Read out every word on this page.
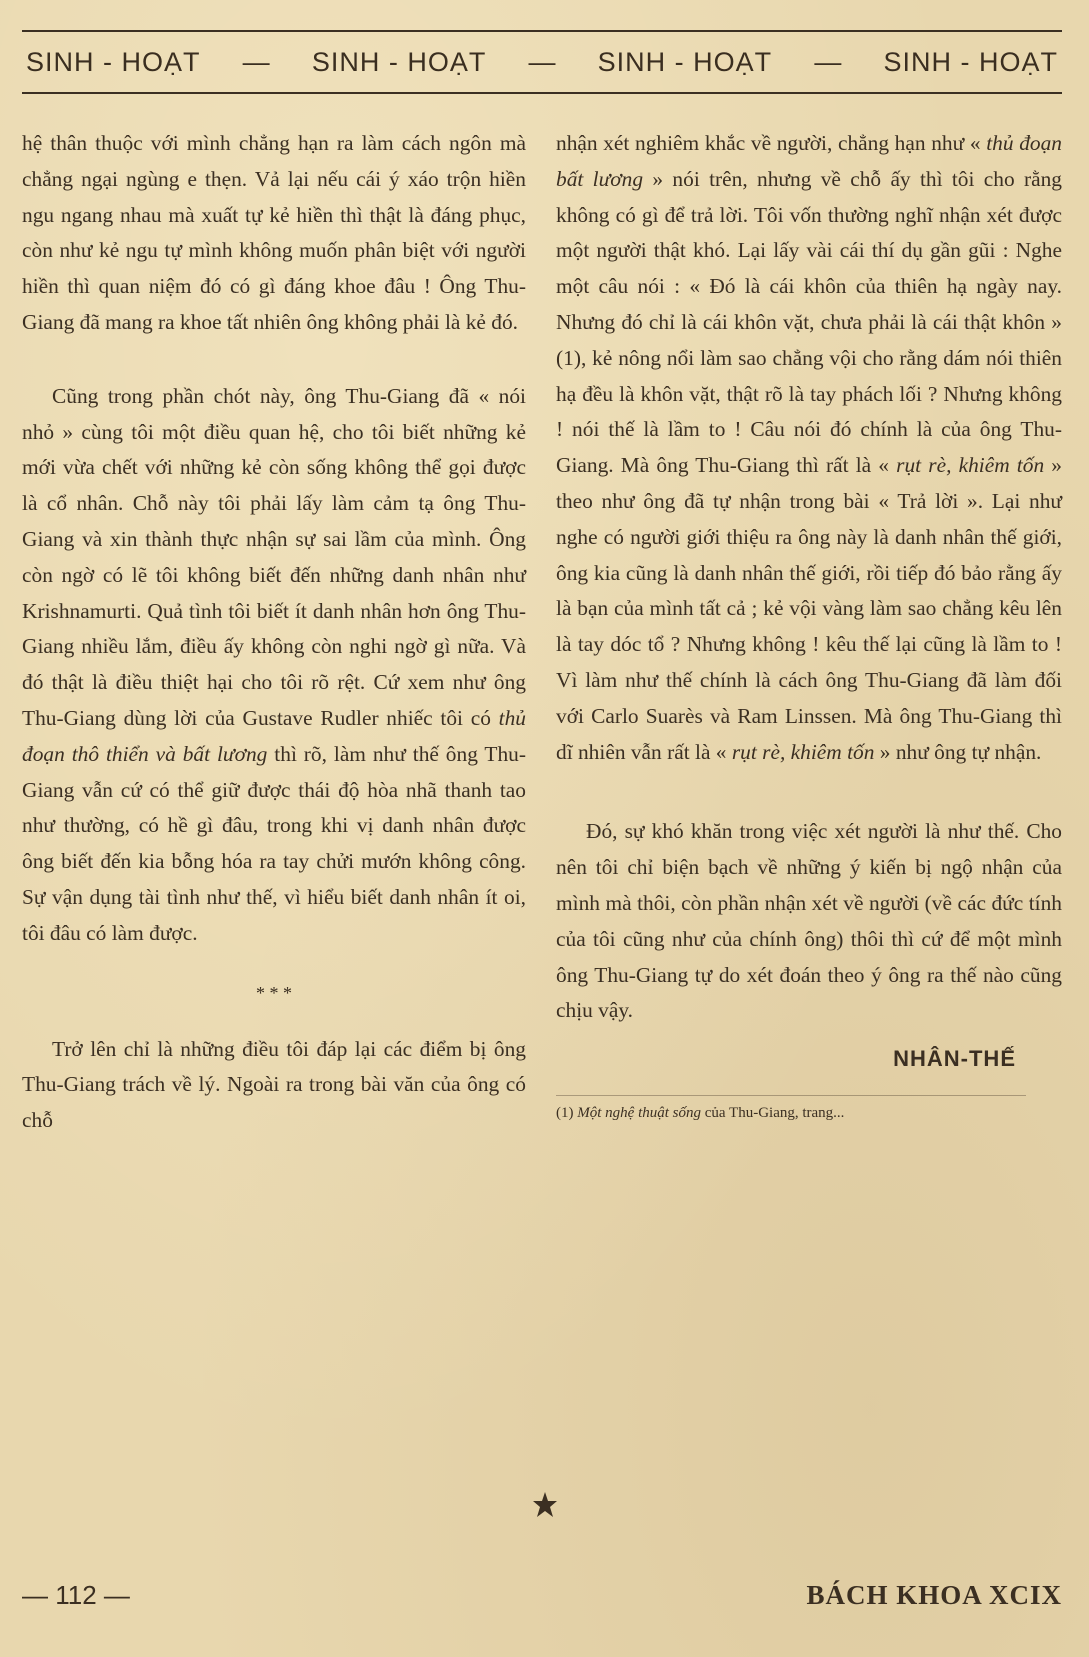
SINH - HOẠT — SINH - HOẠT — SINH - HOẠT — SINH - HOẠT

hệ thân thuộc với mình chẳng hạn ra làm cách ngôn mà chẳng ngại ngùng e thẹn. Vả lại nếu cái ý xáo trộn hiền ngu ngang nhau mà xuất tự kẻ hiền thì thật là đáng phục, còn như kẻ ngu tự mình không muốn phân biệt với người hiền thì quan niệm đó có gì đáng khoe đâu ! Ông Thu-Giang đã mang ra khoe tất nhiên ông không phải là kẻ đó.

Cũng trong phần chót này, ông Thu-Giang đã « nói nhỏ » cùng tôi một điều quan hệ, cho tôi biết những kẻ mới vừa chết với những kẻ còn sống không thể gọi được là cổ nhân. Chỗ này tôi phải lấy làm cảm tạ ông Thu-Giang và xin thành thực nhận sự sai lầm của mình. Ông còn ngờ có lẽ tôi không biết đến những danh nhân như Krishnamurti. Quả tình tôi biết ít danh nhân hơn ông Thu-Giang nhiều lắm, điều ấy không còn nghi ngờ gì nữa. Và đó thật là điều thiệt hại cho tôi rõ rệt. Cứ xem như ông Thu-Giang dùng lời của Gustave Rudler nhiếc tôi có thủ đoạn thô thiển và bất lương thì rõ, làm như thế ông Thu-Giang vẫn cứ có thể giữ được thái độ hòa nhã thanh tao như thường, có hề gì đâu, trong khi vị danh nhân được ông biết đến kia bỗng hóa ra tay chửi mướn không công. Sự vận dụng tài tình như thế, vì hiểu biết danh nhân ít oi, tôi đâu có làm được.

* * *

Trở lên chỉ là những điều tôi đáp lại các điểm bị ông Thu-Giang trách về lý. Ngoài ra trong bài văn của ông có chỗ

nhận xét nghiêm khắc về người, chẳng hạn như « thủ đoạn bất lương » nói trên, nhưng về chỗ ấy thì tôi cho rằng không có gì để trả lời. Tôi vốn thường nghĩ nhận xét được một người thật khó. Lại lấy vài cái thí dụ gần gũi : Nghe một câu nói : « Đó là cái khôn của thiên hạ ngày nay. Nhưng đó chỉ là cái khôn vặt, chưa phải là cái thật khôn » (1), kẻ nông nổi làm sao chẳng vội cho rằng dám nói thiên hạ đều là khôn vặt, thật rõ là tay phách lối ? Nhưng không ! nói thế là lầm to ! Câu nói đó chính là của ông Thu-Giang. Mà ông Thu-Giang thì rất là « rụt rè, khiêm tốn » theo như ông đã tự nhận trong bài « Trả lời ». Lại như nghe có người giới thiệu ra ông này là danh nhân thế giới, ông kia cũng là danh nhân thế giới, rồi tiếp đó bảo rằng ấy là bạn của mình tất cả ; kẻ vội vàng làm sao chẳng kêu lên là tay dóc tổ ? Nhưng không ! kêu thế lại cũng là lầm to ! Vì làm như thế chính là cách ông Thu-Giang đã làm đối với Carlo Suarès và Ram Linssen. Mà ông Thu-Giang thì dĩ nhiên vẫn rất là « rụt rè, khiêm tốn » như ông tự nhận.

Đó, sự khó khăn trong việc xét người là như thế. Cho nên tôi chỉ biện bạch về những ý kiến bị ngộ nhận của mình mà thôi, còn phần nhận xét về người (về các đức tính của tôi cũng như của chính ông) thôi thì cứ để một mình ông Thu-Giang tự do xét đoán theo ý ông ra thế nào cũng chịu vậy.

NHÂN-THẾ
(1) Một nghệ thuật sống của Thu-Giang, trang...
— 112 —	BÁCH KHOA XCIX
